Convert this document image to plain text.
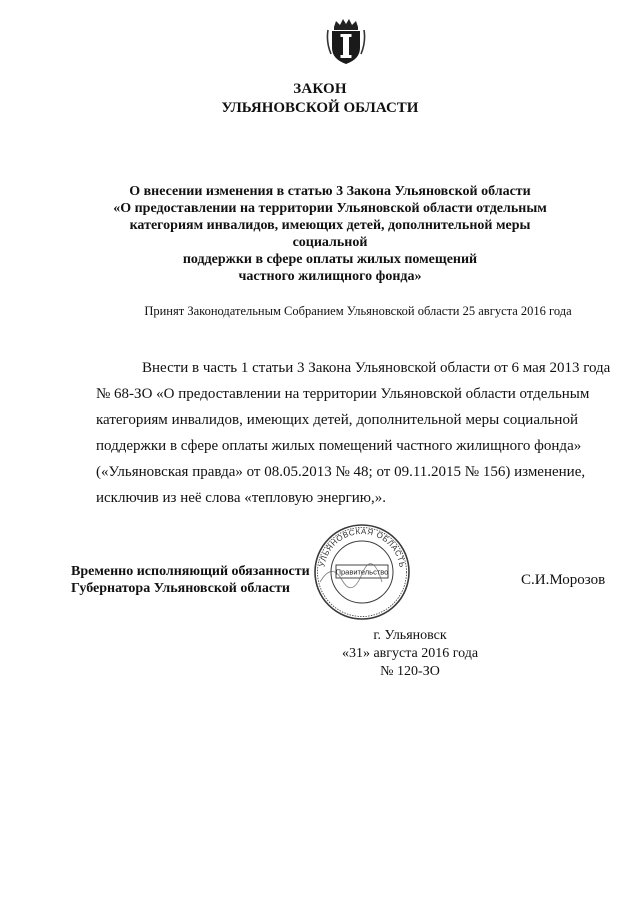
ЗАКОН
УЛЬЯНОВСКОЙ ОБЛАСТИ
О внесении изменения в статью 3 Закона Ульяновской области
«О предоставлении на территории Ульяновской области отдельным
категориям инвалидов, имеющих детей, дополнительной меры социальной
поддержки в сфере оплаты жилых помещений
частного жилищного фонда»
Принят Законодательным Собранием Ульяновской области 25 августа 2016 года
Внести в часть 1 статьи 3 Закона Ульяновской области от 6 мая 2013 года
№ 68-ЗО «О предоставлении на территории Ульяновской области отдельным
категориям инвалидов, имеющих детей, дополнительной меры социальной
поддержки в сфере оплаты жилых помещений частного жилищного фонда»
(«Ульяновская правда» от 08.05.2013 № 48; от 09.11.2015 № 156) изменение,
исключив из неё слова «тепловую энергию,».
Временно исполняющий обязанности
Губернатора Ульяновской области
УЛЬЯНОВСКАЯ ОБЛАСТЬ
Правительство	С.И.Морозов
г. Ульяновск
«31» августа 2016 года
№ 120-ЗО
